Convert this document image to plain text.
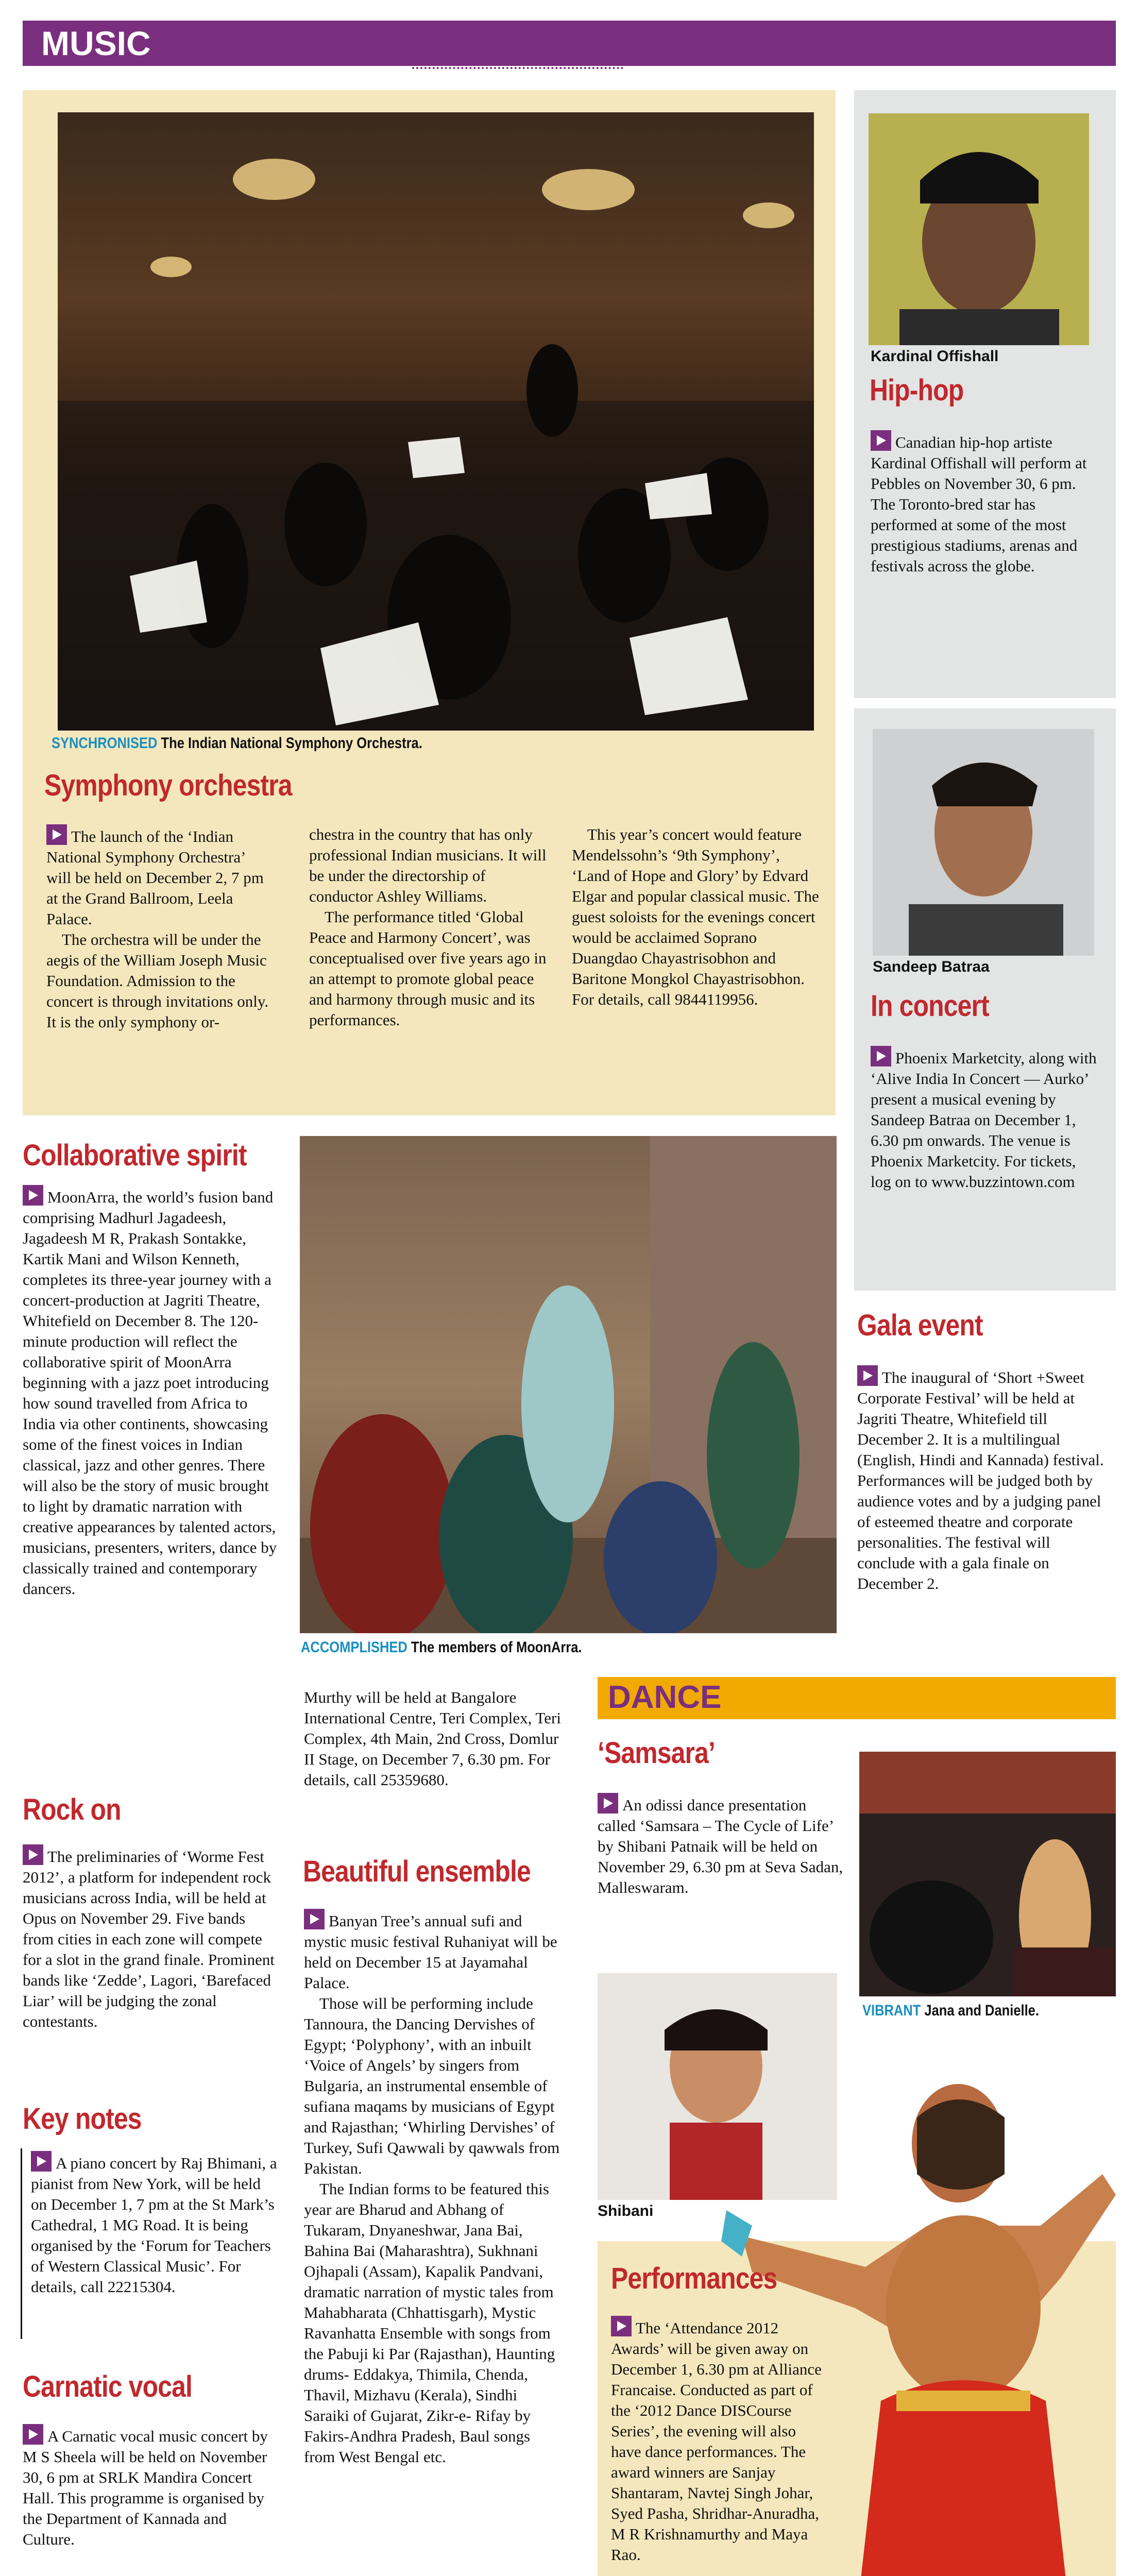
MUSIC
SYNCHRONISED The Indian National Symphony Orchestra.
Symphony orchestra

The launch of the ‘Indian National Symphony Orchestra’ will be held on December 2, 7 pm at the Grand Ballroom, Leela Palace.

The orchestra will be under the aegis of the William Joseph Music Foundation. Admission to the concert is through invitations only. It is the only symphony or-

chestra in the country that has only professional Indian musicians. It will be under the directorship of conductor Ashley Williams.

The performance titled ‘Global Peace and Harmony Concert’, was conceptualised over five years ago in an attempt to promote global peace and harmony through music and its performances.

This year’s concert would feature Mendelssohn’s ‘9th Symphony’, ‘Land of Hope and Glory’ by Edvard Elgar and popular classical music. The guest soloists for the evenings concert would be acclaimed Soprano Duangdao Chayastrisobhon and Baritone Mongkol Chayastrisobhon. For details, call 9844119956.

Kardinal Offishall
Hip-hop

Canadian hip-hop artiste Kardinal Offishall will perform at Pebbles on November 30, 6 pm. The Toronto-bred star has performed at some of the most prestigious stadiums, arenas and festivals across the globe.

Sandeep Batraa
In concert

Phoenix Marketcity, along with ‘Alive India In Concert — Aurko’ present a musical evening by Sandeep Batraa on December 1, 6.30 pm onwards. The venue is Phoenix Marketcity. For tickets, log on to www.buzzintown.com

Gala event

The inaugural of ‘Short +Sweet Corporate Festival’ will be held at Jagriti Theatre, Whitefield till December 2. It is a multilingual (English, Hindi and Kannada) festival. Performances will be judged both by audience votes and by a judging panel of esteemed theatre and corporate personalities. The festival will conclude with a gala finale on December 2.

Collaborative spirit

MoonArra, the world’s fusion band comprising Madhurl Jagadeesh, Jagadeesh M R, Prakash Sontakke, Kartik Mani and Wilson Kenneth, completes its three-year journey with a concert-production at Jagriti Theatre, Whitefield on December 8. The 120-minute production will reflect the collaborative spirit of MoonArra beginning with a jazz poet introducing how sound travelled from Africa to India via other continents, showcasing some of the finest voices in Indian classical, jazz and other genres. There will also be the story of music brought to light by dramatic narration with creative appearances by talented actors, musicians, presenters, writers, dance by classically trained and contemporary dancers.

ACCOMPLISHED The members of MoonArra.
Rock on

The preliminaries of ‘Worme Fest 2012’, a platform for independent rock musicians across India, will be held at Opus on November 29. Five bands from cities in each zone will compete for a slot in the grand finale. Prominent bands like ‘Zedde’, Lagori, ‘Barefaced Liar’ will be judging the zonal contestants.

Key notes

A piano concert by Raj Bhimani, a pianist from New York, will be held on December 1, 7 pm at the St Mark’s Cathedral, 1 MG Road. It is being organised by the ‘Forum for Teachers of Western Classical Music’. For details, call 22215304.

Carnatic vocal

A Carnatic vocal music concert by M S Sheela will be held on November 30, 6 pm at SRLK Mandira Concert Hall. This programme is organised by the Department of Kannada and Culture.

Murthy will be held at Bangalore International Centre, Teri Complex, Teri Complex, 4th Main, 2nd Cross, Domlur II Stage, on December 7, 6.30 pm. For details, call 25359680.

Beautiful ensemble

Banyan Tree’s annual sufi and mystic music festival Ruhaniyat will be held on December 15 at Jayamahal Palace.

Those will be performing include Tannoura, the Dancing Dervishes of Egypt; ‘Polyphony’, with an inbuilt ‘Voice of Angels’ by singers from Bulgaria, an instrumental ensemble of sufiana maqams by musicians of Egypt and Rajasthan; ‘Whirling Dervishes’ of Turkey, Sufi Qawwali by qawwals from Pakistan.

The Indian forms to be featured this year are Bharud and Abhang of Tukaram, Dnyaneshwar, Jana Bai, Bahina Bai (Maharashtra), Sukhnani Ojhapali (Assam), Kapalik Pandvani, dramatic narration of mystic tales from Mahabharata (Chhattisgarh), Mystic Ravanhatta Ensemble with songs from the Pabuji ki Par (Rajasthan), Haunting drums- Eddakya, Thimila, Chenda, Thavil, Mizhavu (Kerala), Sindhi Saraiki of Gujarat, Zikr-e- Rifay by Fakirs-Andhra Pradesh, Baul songs from West Bengal etc.

DANCE
‘Samsara’

An odissi dance presentation called ‘Samsara – The Cycle of Life’ by Shibani Patnaik will be held on November 29, 6.30 pm at Seva Sadan, Malleswaram.

VIBRANT Jana and Danielle.
Shibani
Performances

The ‘Attendance 2012 Awards’ will be given away on December 1, 6.30 pm at Alliance Francaise. Conducted as part of the ‘2012 Dance DISCourse Series’, the evening will also have dance performances. The award winners are Sanjay Shantaram, Navtej Singh Johar, Syed Pasha, Shridhar-Anuradha, M R Krishnamurthy and Maya Rao.
